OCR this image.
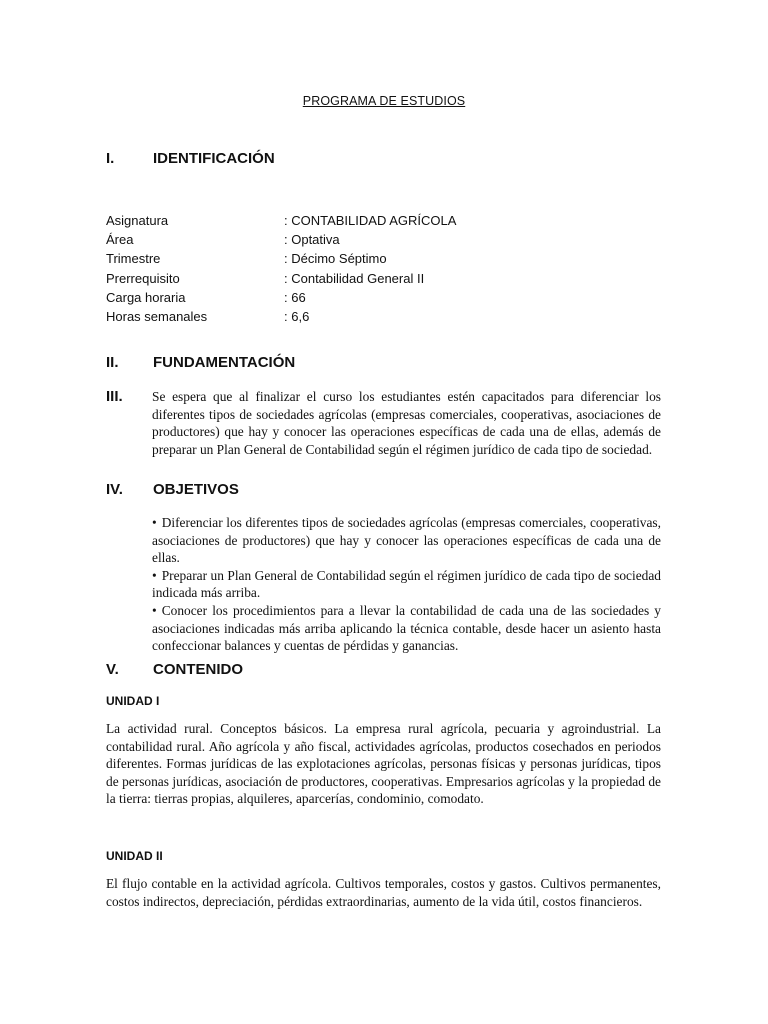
PROGRAMA DE ESTUDIOS
I.	IDENTIFICACIÓN
Asignatura	: CONTABILIDAD AGRÍCOLA
Área	: Optativa
Trimestre	: Décimo Séptimo
Prerrequisito	: Contabilidad General II
Carga horaria	: 66
Horas semanales	: 6,6
II.	FUNDAMENTACIÓN
III.	Se espera que al finalizar el curso los estudiantes estén capacitados para diferenciar los diferentes tipos de sociedades agrícolas (empresas comerciales, cooperativas, asociaciones de productores) que hay y conocer las operaciones específicas de cada una de ellas, además de preparar un Plan General de Contabilidad según el régimen jurídico de cada tipo de sociedad.
IV.	OBJETIVOS
• Diferenciar los diferentes tipos de sociedades agrícolas (empresas comerciales, cooperativas, asociaciones de productores) que hay y conocer las operaciones específicas de cada una de ellas.
• Preparar un Plan General de Contabilidad según el régimen jurídico de cada tipo de sociedad indicada más arriba.
• Conocer los procedimientos para a llevar la contabilidad de cada una de las sociedades y asociaciones indicadas más arriba aplicando la técnica contable, desde hacer un asiento hasta confeccionar balances y cuentas de pérdidas y ganancias.
V.	CONTENIDO
UNIDAD I
La actividad rural. Conceptos básicos. La empresa rural agrícola, pecuaria y agroindustrial. La contabilidad rural. Año agrícola y año fiscal, actividades agrícolas, productos cosechados en periodos diferentes. Formas jurídicas de las explotaciones agrícolas, personas físicas y personas jurídicas, tipos de personas jurídicas, asociación de productores, cooperativas. Empresarios agrícolas y la propiedad de la tierra: tierras propias, alquileres, aparcerías, condominio, comodato.
UNIDAD II
El flujo contable en la actividad agrícola. Cultivos temporales, costos y gastos. Cultivos permanentes, costos indirectos, depreciación, pérdidas extraordinarias, aumento de la vida útil, costos financieros.
